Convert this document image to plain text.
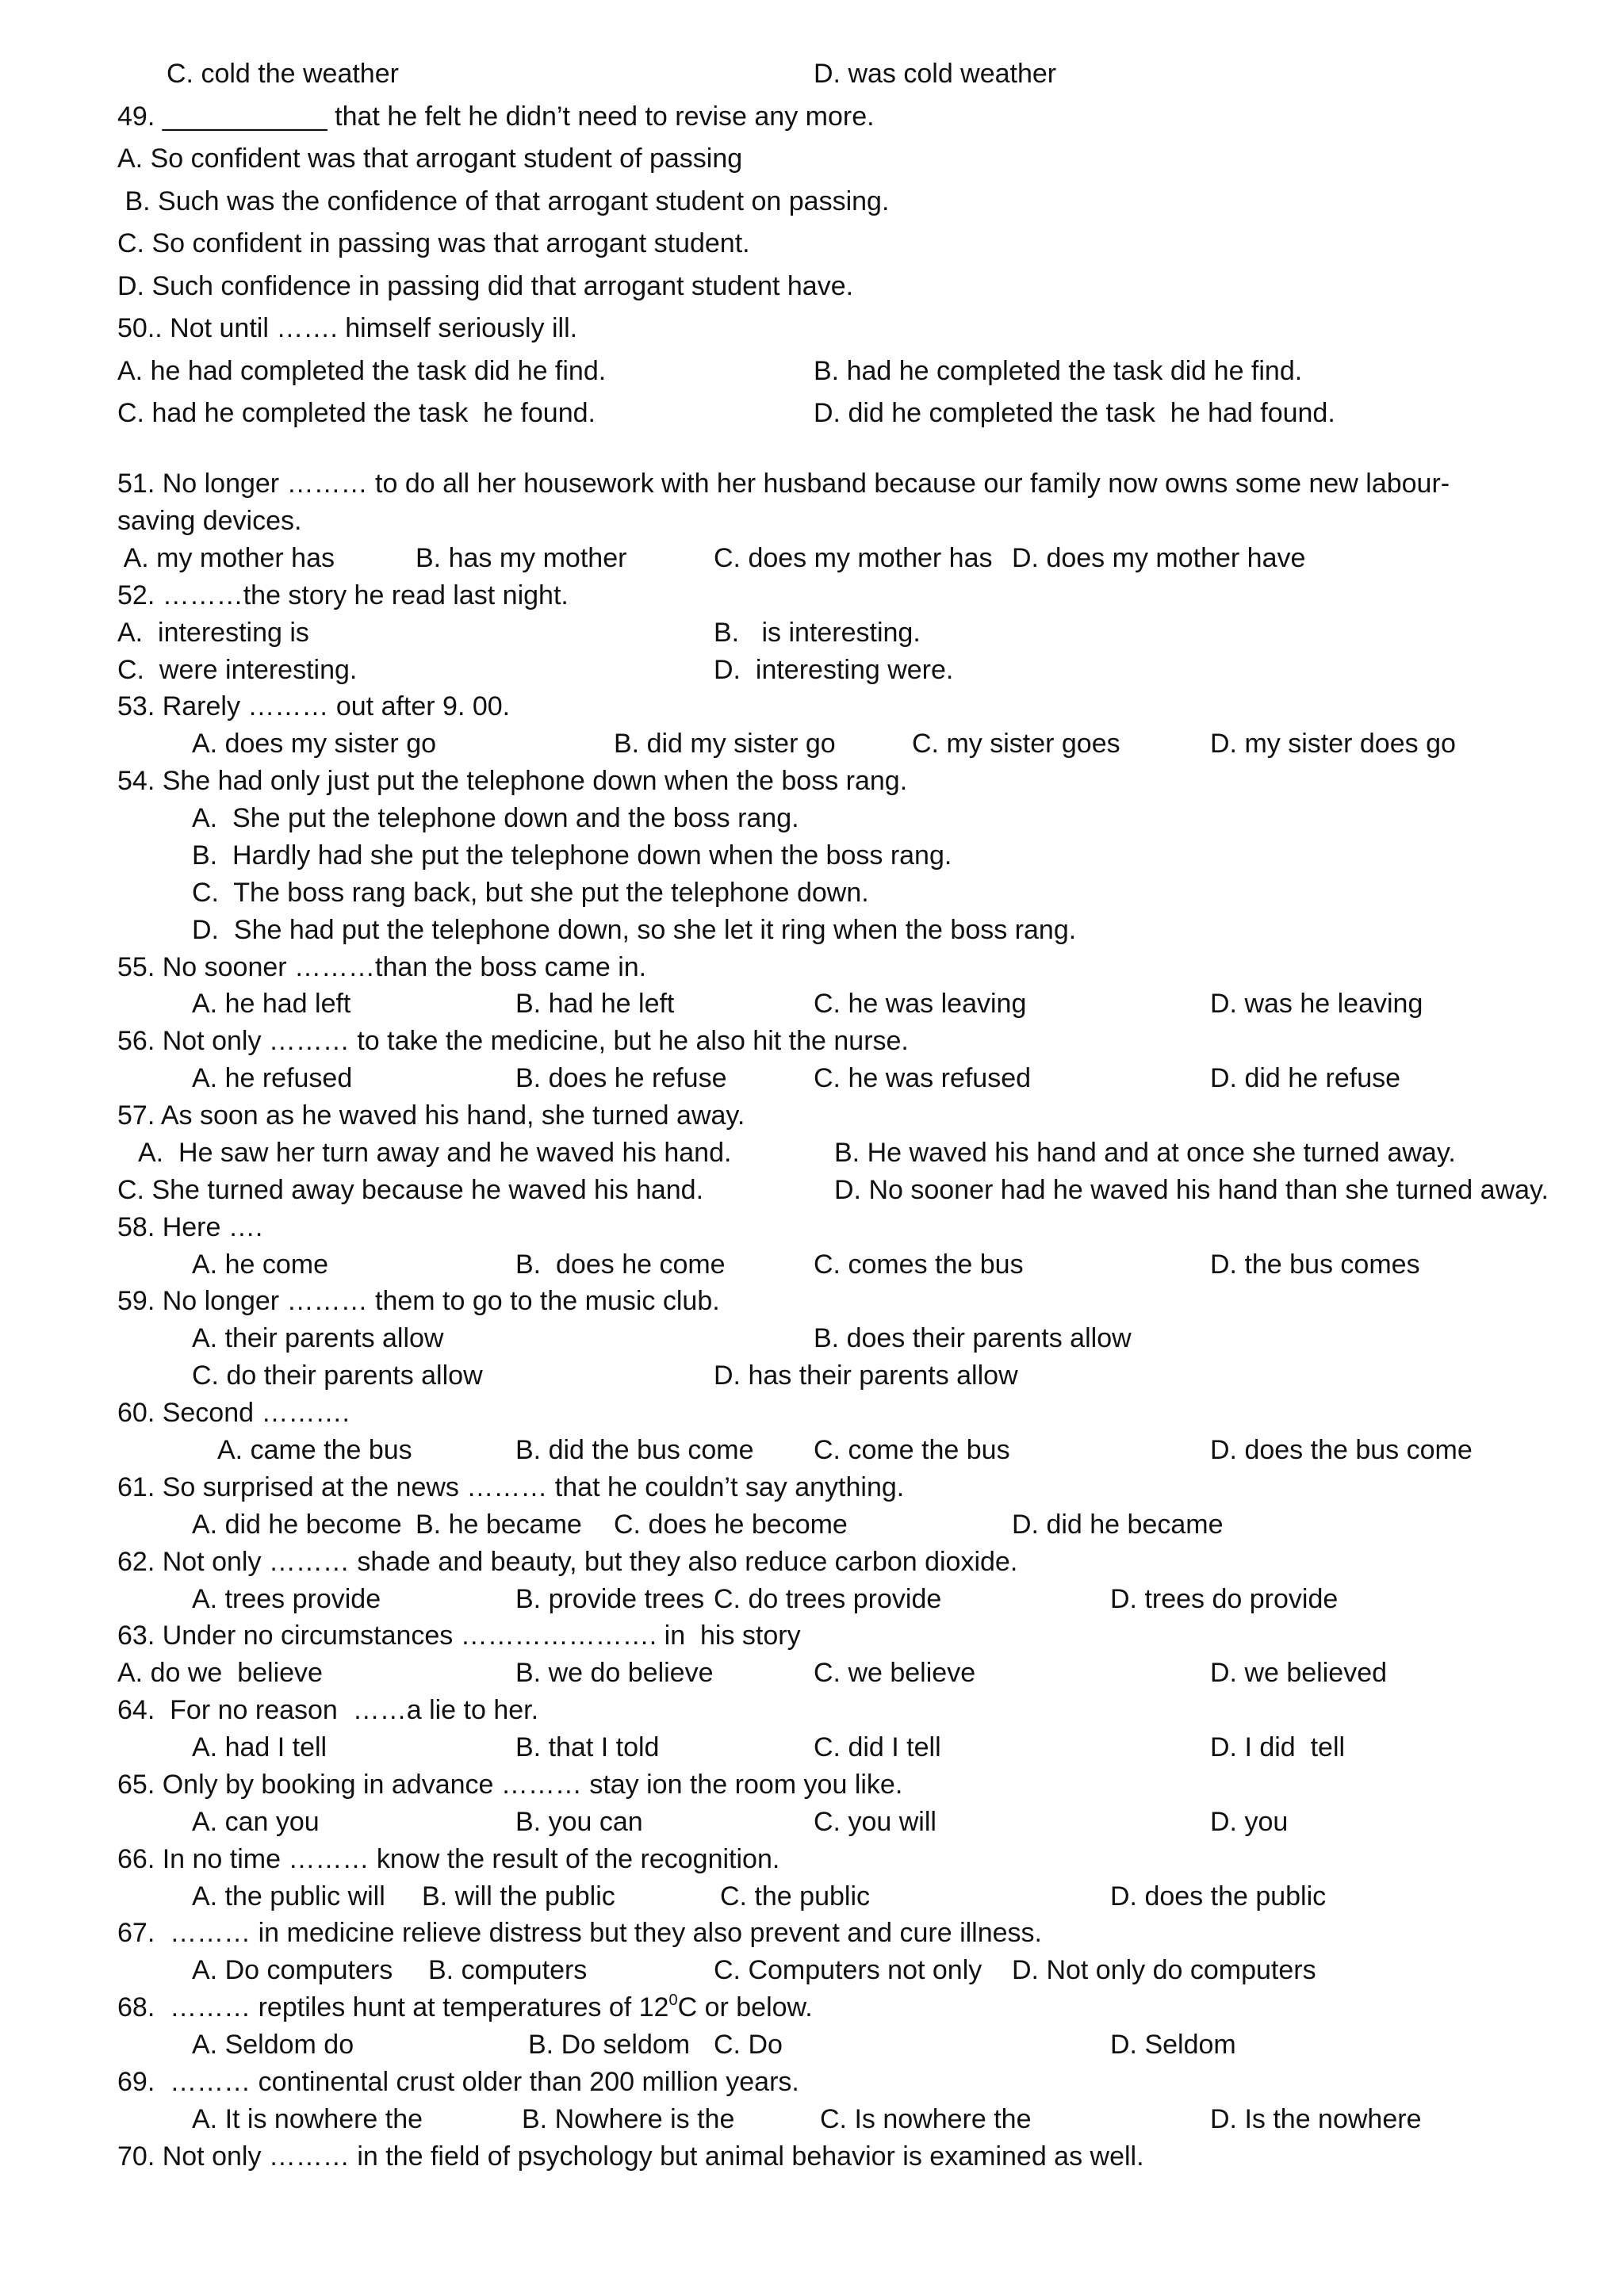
C. cold the weather	D. was cold weather
49. ___________ that he felt he didn’t need to revise any more.
A. So confident was that arrogant student of passing
B. Such was the confidence of that arrogant student on passing.
C. So confident in passing was that arrogant student.
D. Such confidence in passing did that arrogant student have.
50.. Not until ……. himself seriously ill.
A. he had completed the task did he find.	B. had he completed the task did he find.
C. had he completed the task  he found.	D. did he completed the task  he had found.
51. No longer ……… to do all her housework with her husband because our family now owns some new labour-
saving devices.
A. my mother has	B. has my mother	C. does my mother has D. does my mother have
52. ………the story he read last night.
A.  interesting is	B.   is interesting.
C.  were interesting.	D.  interesting were.
53. Rarely ……… out after 9. 00.
A. does my sister go	B. did my sister go	C. my sister goes	D. my sister does go
54. She had only just put the telephone down when the boss rang.
A.  She put the telephone down and the boss rang.
B.  Hardly had she put the telephone down when the boss rang.
C.  The boss rang back, but she put the telephone down.
D.  She had put the telephone down, so she let it ring when the boss rang.
55. No sooner ………than the boss came in.
A. he had left	B. had he left	C. he was leaving	D. was he leaving
56. Not only ……… to take the medicine, but he also hit the nurse.
A. he refused	B. does he refuse	C. he was refused	D. did he refuse
57. As soon as he waved his hand, she turned away.
A.  He saw her turn away and he waved his hand.	B. He waved his hand and at once she turned away.
C. She turned away because he waved his hand.	D. No sooner had he waved his hand than she turned away.
58. Here ….
A. he come	B.  does he come	C. comes the bus	D. the bus comes
59. No longer ……… them to go to the music club.
A. their parents allow	B. does their parents allow
C. do their parents allow	D. has their parents allow
60. Second ……….
A. came the bus	B. did the bus come C. come the bus	D. does the bus come
61. So surprised at the news ……… that he couldn’t say anything.
A. did he become B. he became C. does he become	D. did he became
62. Not only ……… shade and beauty, but they also reduce carbon dioxide.
A. trees provide	B. provide trees C. do trees provide	D. trees do provide
63. Under no circumstances …………………. in  his story
A. do we  believe	B. we do believe	C. we believe	D. we believed
64.  For no reason  ……a lie to her.
A. had I tell	B. that I told	C. did I tell	D. I did  tell
65. Only by booking in advance ……… stay ion the room you like.
A. can you	B. you can	C. you will	D. you
66. In no time ……… know the result of the recognition.
A. the public will B. will the public	C. the public	D. does the public
67.  ……… in medicine relieve distress but they also prevent and cure illness.
A. Do computers B. computers	C. Computers not only D. Not only do computers
68.  ……… reptiles hunt at temperatures of $12^0C$ or below.
A. Seldom do	B. Do seldom C. Do	D. Seldom
69.  ……… continental crust older than 200 million years.
A. It is nowhere the	B. Nowhere is the	C. Is nowhere the	D. Is the nowhere
70. Not only ……… in the field of psychology but animal behavior is examined as well.
